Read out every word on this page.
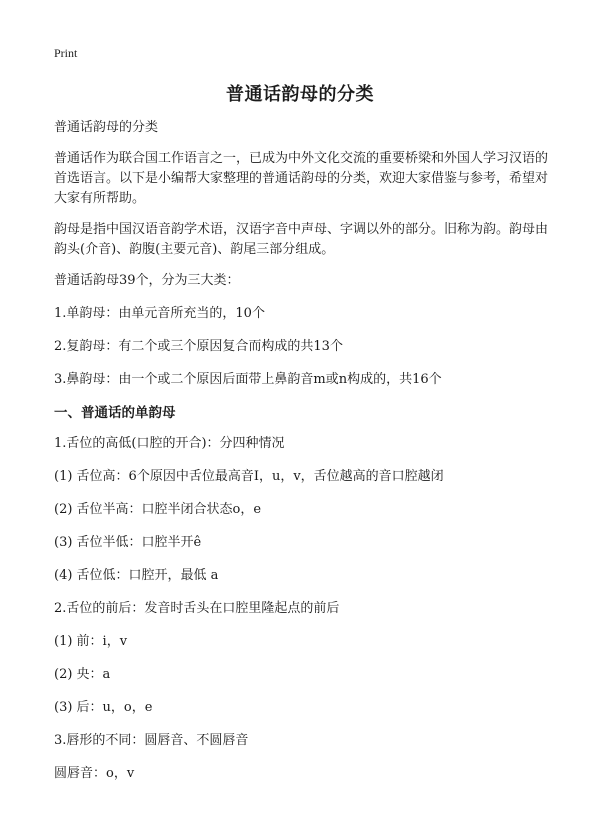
Print
普通话韵母的分类

普通话韵母的分类

普通话作为联合国工作语言之一，已成为中外文化交流的重要桥梁和外国人学习汉语的首选语言。以下是小编帮大家整理的普通话韵母的分类，欢迎大家借鉴与参考，希望对大家有所帮助。

韵母是指中国汉语音韵学术语，汉语字音中声母、字调以外的部分。旧称为韵。韵母由韵头(介音)、韵腹(主要元音)、韵尾三部分组成。

普通话韵母39个，分为三大类：

1.单韵母：由单元音所充当的，10个

2.复韵母：有二个或三个原因复合而构成的共13个

3.鼻韵母：由一个或二个原因后面带上鼻韵音m或n构成的，共16个

一、普通话的单韵母

1.舌位的高低(口腔的开合)：分四种情况

(1) 舌位高：6个原因中舌位最高音I，u，v，舌位越高的音口腔越闭

(2) 舌位半高：口腔半闭合状态o，e

(3) 舌位半低：口腔半开ê

(4) 舌位低：口腔开，最低 a

2.舌位的前后：发音时舌头在口腔里隆起点的前后

(1) 前：i，v

(2) 央：a

(3) 后：u，o，e

3.唇形的不同：圆唇音、不圆唇音

圆唇音：o，v
